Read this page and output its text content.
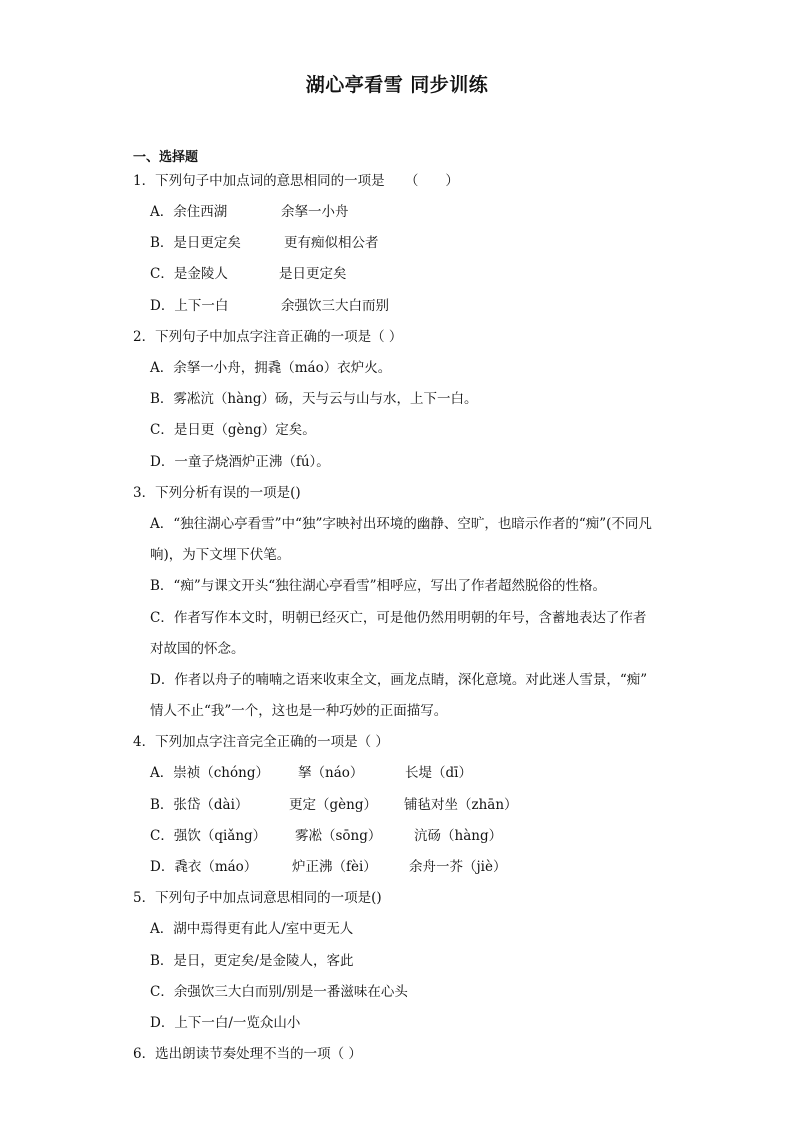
湖心亭看雪 同步训练
一、选择题
1．下列句子中加点词的意思相同的一项是　　（　　）
A．余住西湖	余拏一小舟
B．是日更定矣	更有痴似相公者
C．是金陵人	是日更定矣
D．上下一白	余强饮三大白而别
2．下列句子中加点字注音正确的一项是（ ）
A．余拏一小舟，拥毳（máo）衣炉火。
B．雾凇沆（hàng）砀，天与云与山与水，上下一白。
C．是日更（gèng）定矣。
D．一童子烧酒炉正沸（fú）。
3．下列分析有误的一项是()
A．“独往湖心亭看雪”中“独”字映衬出环境的幽静、空旷，也暗示作者的“痴”(不同凡
响)，为下文埋下伏笔。
B．“痴”与课文开头“独往湖心亭看雪”相呼应，写出了作者超然脱俗的性格。
C．作者写作本文时，明朝已经灭亡，可是他仍然用明朝的年号，含蓄地表达了作者
对故国的怀念。
D．作者以舟子的喃喃之语来收束全文，画龙点睛，深化意境。对此迷人雪景，“痴”
情人不止“我”一个，这也是一种巧妙的正面描写。
4．下列加点字注音完全正确的一项是（ ）
A．崇祯（chóng） 拏（náo）	长堤（dī）
B．张岱（dài）	更定（gèng） 铺毡对坐（zhān）
C．强饮（qiǎng） 雾凇（sōng） 沆砀（hàng）
D．毳衣（máo）	炉正沸（fèi） 余舟一芥（jiè）
5．下列句子中加点词意思相同的一项是()
A．湖中焉得更有此人/室中更无人
B．是日，更定矣/是金陵人，客此
C．余强饮三大白而别/别是一番滋味在心头
D．上下一白/一览众山小
6．选出朗读节奏处理不当的一项（ ）
